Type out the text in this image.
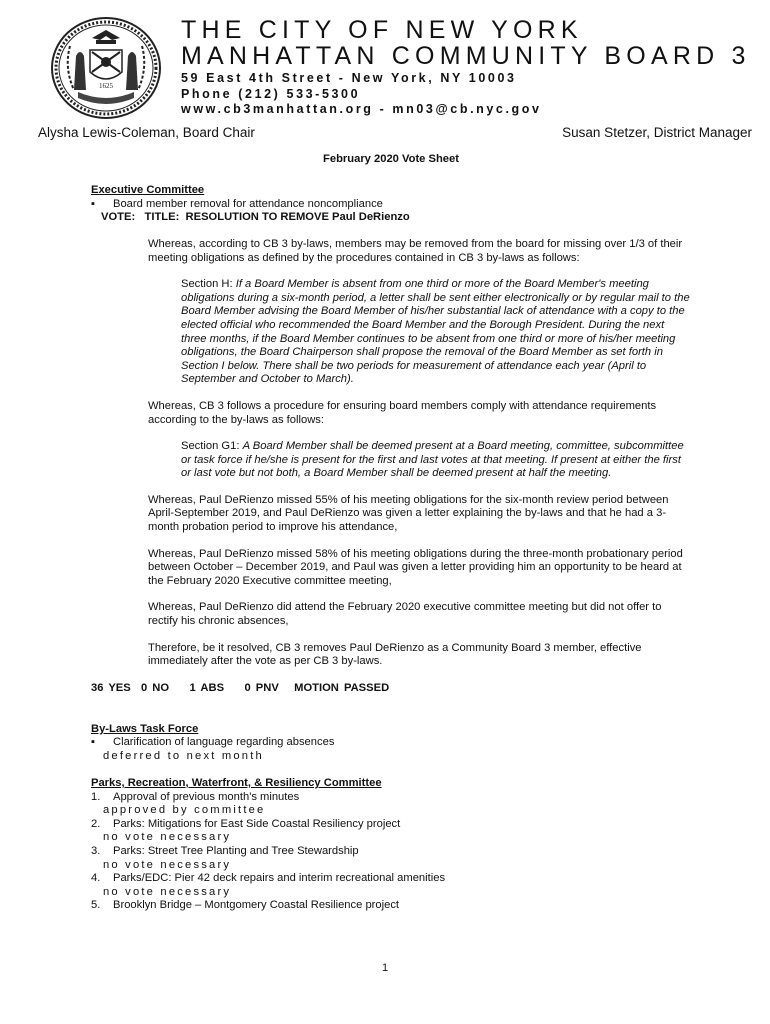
1625
THE CITY OF NEW YORK
MANHATTAN COMMUNITY BOARD 3
59 East 4th Street - New York, NY 10003
Phone (212) 533-5300
www.cb3manhattan.org - mn03@cb.nyc.gov
Alysha Lewis-Coleman, Board Chair	Susan Stetzer, District Manager
February 2020 Vote Sheet
Executive Committee
▪	Board member removal for attendance noncompliance
VOTE:   TITLE:  RESOLUTION TO REMOVE Paul DeRienzo
Whereas, according to CB 3 by-laws, members may be removed from the board for missing over 1/3 of their meeting obligations as defined by the procedures contained in CB 3 by-laws as follows:
Section H: If a Board Member is absent from one third or more of the Board Member's meeting obligations during a six-month period, a letter shall be sent either electronically or by regular mail to the Board Member advising the Board Member of his/her substantial lack of attendance with a copy to the elected official who recommended the Board Member and the Borough President. During the next three months, if the Board Member continues to be absent from one third or more of his/her meeting obligations, the Board Chairperson shall propose the removal of the Board Member as set forth in Section I below. There shall be two periods for measurement of attendance each year (April to September and October to March).
Whereas, CB 3 follows a procedure for ensuring board members comply with attendance requirements according to the by-laws as follows:
Section G1: A Board Member shall be deemed present at a Board meeting, committee, subcommittee or task force if he/she is present for the first and last votes at that meeting. If present at either the first or last vote but not both, a Board Member shall be deemed present at half the meeting.
Whereas, Paul DeRienzo missed 55% of his meeting obligations for the six-month review period between April-September 2019, and Paul DeRienzo was given a letter explaining the by-laws and that he had a 3-month probation period to improve his attendance,
Whereas, Paul DeRienzo missed 58% of his meeting obligations during the three-month probationary period between October – December 2019, and Paul was given a letter providing him an opportunity to be heard at the February 2020 Executive committee meeting,
Whereas, Paul DeRienzo did attend the February 2020 executive committee meeting but did not offer to rectify his chronic absences,
Therefore, be it resolved, CB 3 removes Paul DeRienzo as a Community Board 3 member, effective immediately after the vote as per CB 3 by-laws.
36 YES  0 NO    1 ABS    0 PNV   MOTION PASSED
By-Laws Task Force
▪	Clarification of language regarding absences
deferred to next month
Parks, Recreation, Waterfront, & Resiliency Committee
1.	Approval of previous month's minutes
approved by committee
2.	Parks: Mitigations for East Side Coastal Resiliency project
no vote necessary
3.	Parks: Street Tree Planting and Tree Stewardship
no vote necessary
4.	Parks/EDC: Pier 42 deck repairs and interim recreational amenities
no vote necessary
5.	Brooklyn Bridge – Montgomery Coastal Resilience project
1
